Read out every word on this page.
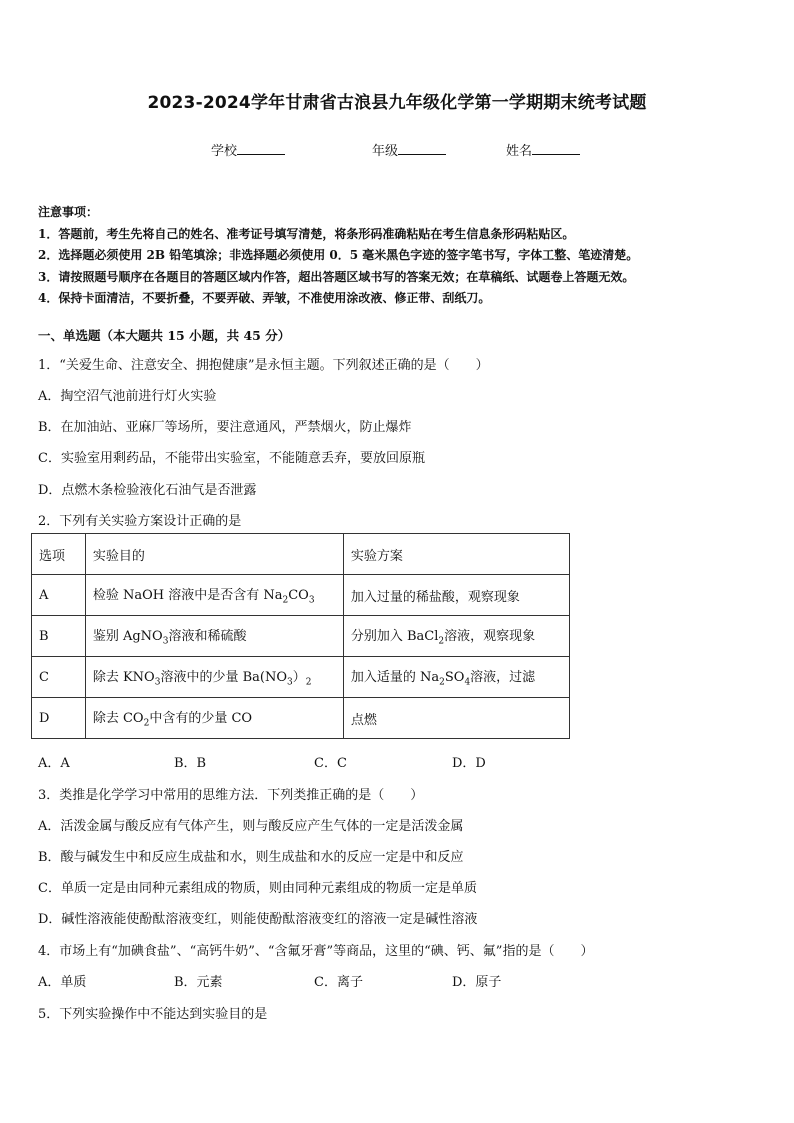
2023-2024学年甘肃省古浪县九年级化学第一学期期末统考试题
学校	年级	姓名
注意事项：
1．答题前，考生先将自己的姓名、准考证号填写清楚，将条形码准确粘贴在考生信息条形码粘贴区。
2．选择题必须使用 2B 铅笔填涂；非选择题必须使用 0．5 毫米黑色字迹的签字笔书写，字体工整、笔迹清楚。
3．请按照题号顺序在各题目的答题区域内作答，超出答题区域书写的答案无效；在草稿纸、试题卷上答题无效。
4．保持卡面清洁，不要折叠，不要弄破、弄皱，不准使用涂改液、修正带、刮纸刀。
一、单选题（本大题共 15 小题，共 45 分）
1．“关爱生命、注意安全、拥抱健康”是永恒主题。下列叙述正确的是（　　）
A．掏空沼气池前进行灯火实验
B．在加油站、亚麻厂等场所，要注意通风，严禁烟火，防止爆炸
C．实验室用剩药品，不能带出实验室，不能随意丢弃，要放回原瓶
D．点燃木条检验液化石油气是否泄露
2．下列有关实验方案设计正确的是
选项	实验目的	实验方案
A	检验 NaOH 溶液中是否含有 $Na_2CO_3$	加入过量的稀盐酸，观察现象
B	鉴别 AgNO$_3$溶液和稀硫酸	分别加入 BaCl$_2$溶液，观察现象
C	除去 $KNO_3$溶液中的少量 $Ba(NO_3)_2$	加入适量的 $Na_2SO_4$溶液，过滤
D	除去 $CO_2$中含有的少量 CO	点燃
A．A	B．B	C．C	D．D
3．类推是化学学习中常用的思维方法．下列类推正确的是（　　）
A．活泼金属与酸反应有气体产生，则与酸反应产生气体的一定是活泼金属
B．酸与碱发生中和反应生成盐和水，则生成盐和水的反应一定是中和反应
C．单质一定是由同种元素组成的物质，则由同种元素组成的物质一定是单质
D．碱性溶液能使酚酞溶液变红，则能使酚酞溶液变红的溶液一定是碱性溶液
4．市场上有“加碘食盐”、“高钙牛奶”、“含氟牙膏”等商品，这里的“碘、钙、氟”指的是（　　）
A．单质	B．元素	C．离子	D．原子
5．下列实验操作中不能达到实验目的是
